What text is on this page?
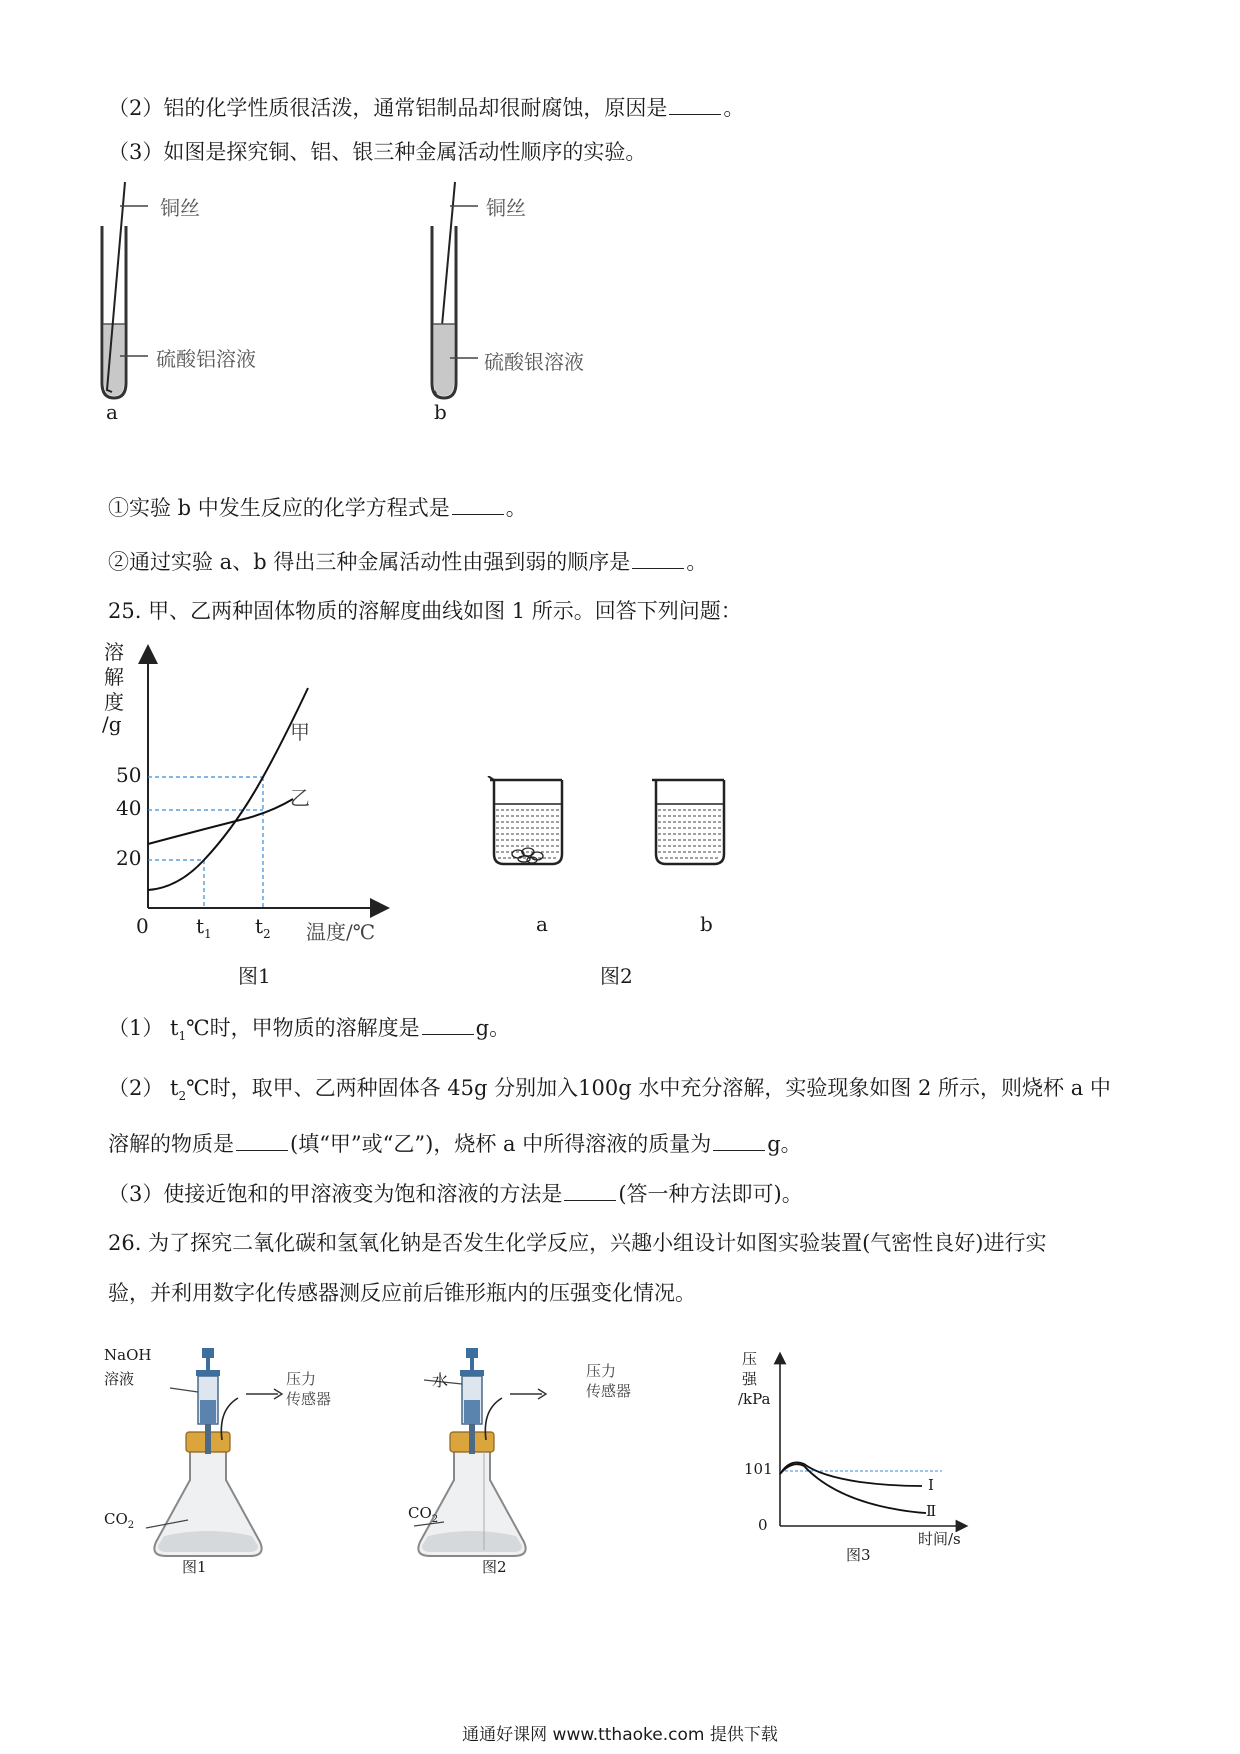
（2）铝的化学性质很活泼，通常铝制品却很耐腐蚀，原因是	。
（3）如图是探究铜、铝、银三种金属活动性顺序的实验。
铜丝
硫酸铝溶液
a
铜丝
硫酸银溶液
b
①实验 b 中发生反应的化学方程式是	。
②通过实验 a、b 得出三种金属活动性由强到弱的顺序是	。
25. 甲、乙两种固体物质的溶解度曲线如图 1 所示。回答下列问题：
溶
解
度
/g
50
40
20
0 $t_1$ $t_2$ 温度/℃
甲
乙
图1
a	b
图2
（1） $t_1℃$时，甲物质的溶解度是	g。
（2） $t_2℃$时，取甲、乙两种固体各 45g 分别加入100g 水中充分溶解，实验现象如图 2 所示，则烧杯 a 中
溶解的物质是	(填“甲”或“乙”)，烧杯 a 中所得溶液的质量为	g。
（3）使接近饱和的甲溶液变为饱和溶液的方法是	(答一种方法即可)。
26. 为了探究二氧化碳和氢氧化钠是否发生化学反应，兴趣小组设计如图实验装置(气密性良好)进行实
验，并利用数字化传感器测反应前后锥形瓶内的压强变化情况。
NaOH
溶液	压力
传感器
$CO_2$
图1
水	压力
传感器
$CO_2$
图2
压
强
/kPa
101
0
I
Ⅱ
时间/s
图3
通通好课网 www.tthaoke.com 提供下载
